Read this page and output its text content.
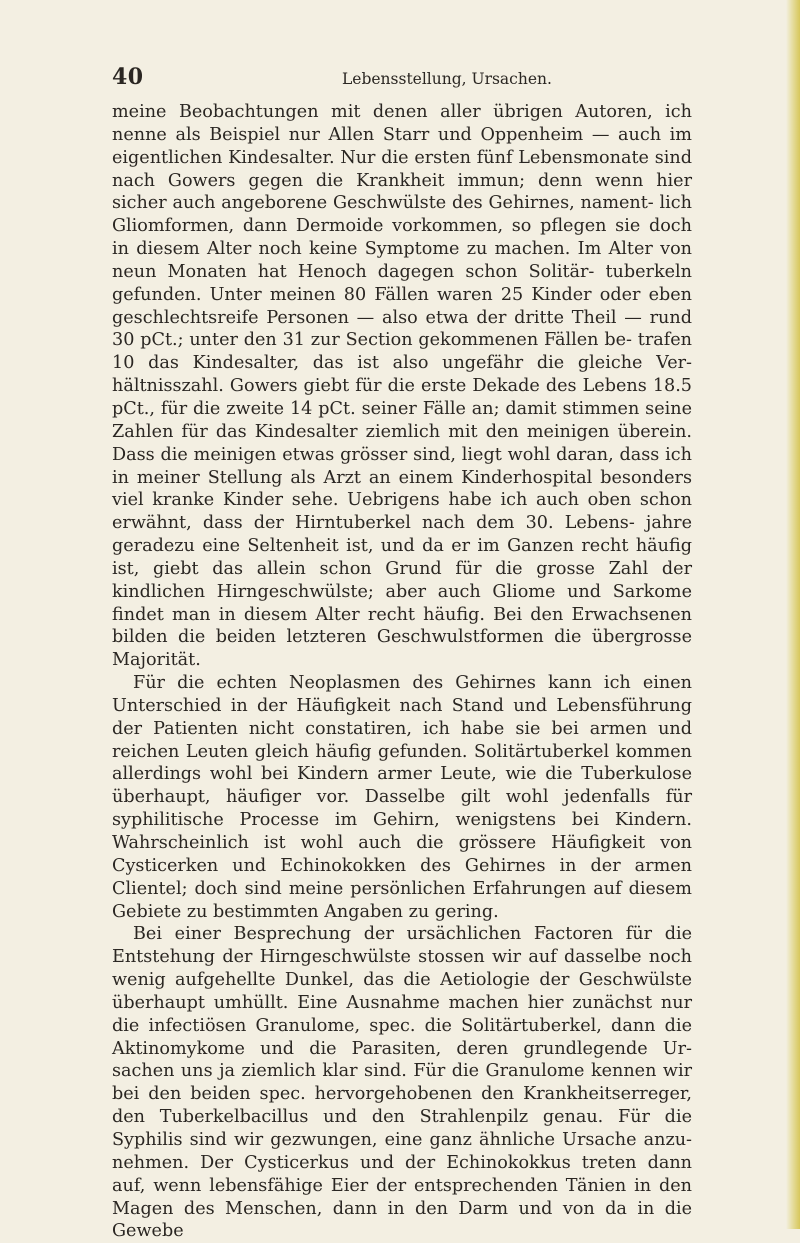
40	Lebensstellung, Ursachen.

meine Beobachtungen mit denen aller übrigen Autoren, ich nenne als Beispiel nur Allen Starr und Oppenheim — auch im eigentlichen Kindesalter. Nur die ersten fünf Lebensmonate sind nach Gowers gegen die Krankheit immun; denn wenn hier sicher auch angeborene Geschwülste des Gehirnes, nament- lich Gliomformen, dann Dermoide vorkommen, so pflegen sie doch in diesem Alter noch keine Symptome zu machen. Im Alter von neun Monaten hat Henoch dagegen schon Solitär- tuberkeln gefunden. Unter meinen 80 Fällen waren 25 Kinder oder eben geschlechtsreife Personen — also etwa der dritte Theil — rund 30 pCt.; unter den 31 zur Section gekommenen Fällen be- trafen 10 das Kindesalter, das ist also ungefähr die gleiche Ver- hältnisszahl. Gowers giebt für die erste Dekade des Lebens 18.5 pCt., für die zweite 14 pCt. seiner Fälle an; damit stimmen seine Zahlen für das Kindesalter ziemlich mit den meinigen überein. Dass die meinigen etwas grösser sind, liegt wohl daran, dass ich in meiner Stellung als Arzt an einem Kinderhospital besonders viel kranke Kinder sehe. Uebrigens habe ich auch oben schon erwähnt, dass der Hirntuberkel nach dem 30. Lebens- jahre geradezu eine Seltenheit ist, und da er im Ganzen recht häufig ist, giebt das allein schon Grund für die grosse Zahl der kindlichen Hirngeschwülste; aber auch Gliome und Sarkome findet man in diesem Alter recht häufig. Bei den Erwachsenen bilden die beiden letzteren Geschwulstformen die übergrosse Majorität.

Für die echten Neoplasmen des Gehirnes kann ich einen Unterschied in der Häufigkeit nach Stand und Lebensführung der Patienten nicht constatiren, ich habe sie bei armen und reichen Leuten gleich häufig gefunden. Solitärtuberkel kommen allerdings wohl bei Kindern armer Leute, wie die Tuberkulose überhaupt, häufiger vor. Dasselbe gilt wohl jedenfalls für syphilitische Processe im Gehirn, wenigstens bei Kindern. Wahrscheinlich ist wohl auch die grössere Häufigkeit von Cysticerken und Echinokokken des Gehirnes in der armen Clientel; doch sind meine persönlichen Erfahrungen auf diesem Gebiete zu bestimmten Angaben zu gering.

Bei einer Besprechung der ursächlichen Factoren für die Entstehung der Hirngeschwülste stossen wir auf dasselbe noch wenig aufgehellte Dunkel, das die Aetiologie der Geschwülste überhaupt umhüllt. Eine Ausnahme machen hier zunächst nur die infectiösen Granulome, spec. die Solitärtuberkel, dann die Aktinomykome und die Parasiten, deren grundlegende Ur- sachen uns ja ziemlich klar sind. Für die Granulome kennen wir bei den beiden spec. hervorgehobenen den Krankheitserreger, den Tuberkelbacillus und den Strahlenpilz genau. Für die Syphilis sind wir gezwungen, eine ganz ähnliche Ursache anzu- nehmen. Der Cysticerkus und der Echinokokkus treten dann auf, wenn lebensfähige Eier der entsprechenden Tänien in den Magen des Menschen, dann in den Darm und von da in die Gewebe
